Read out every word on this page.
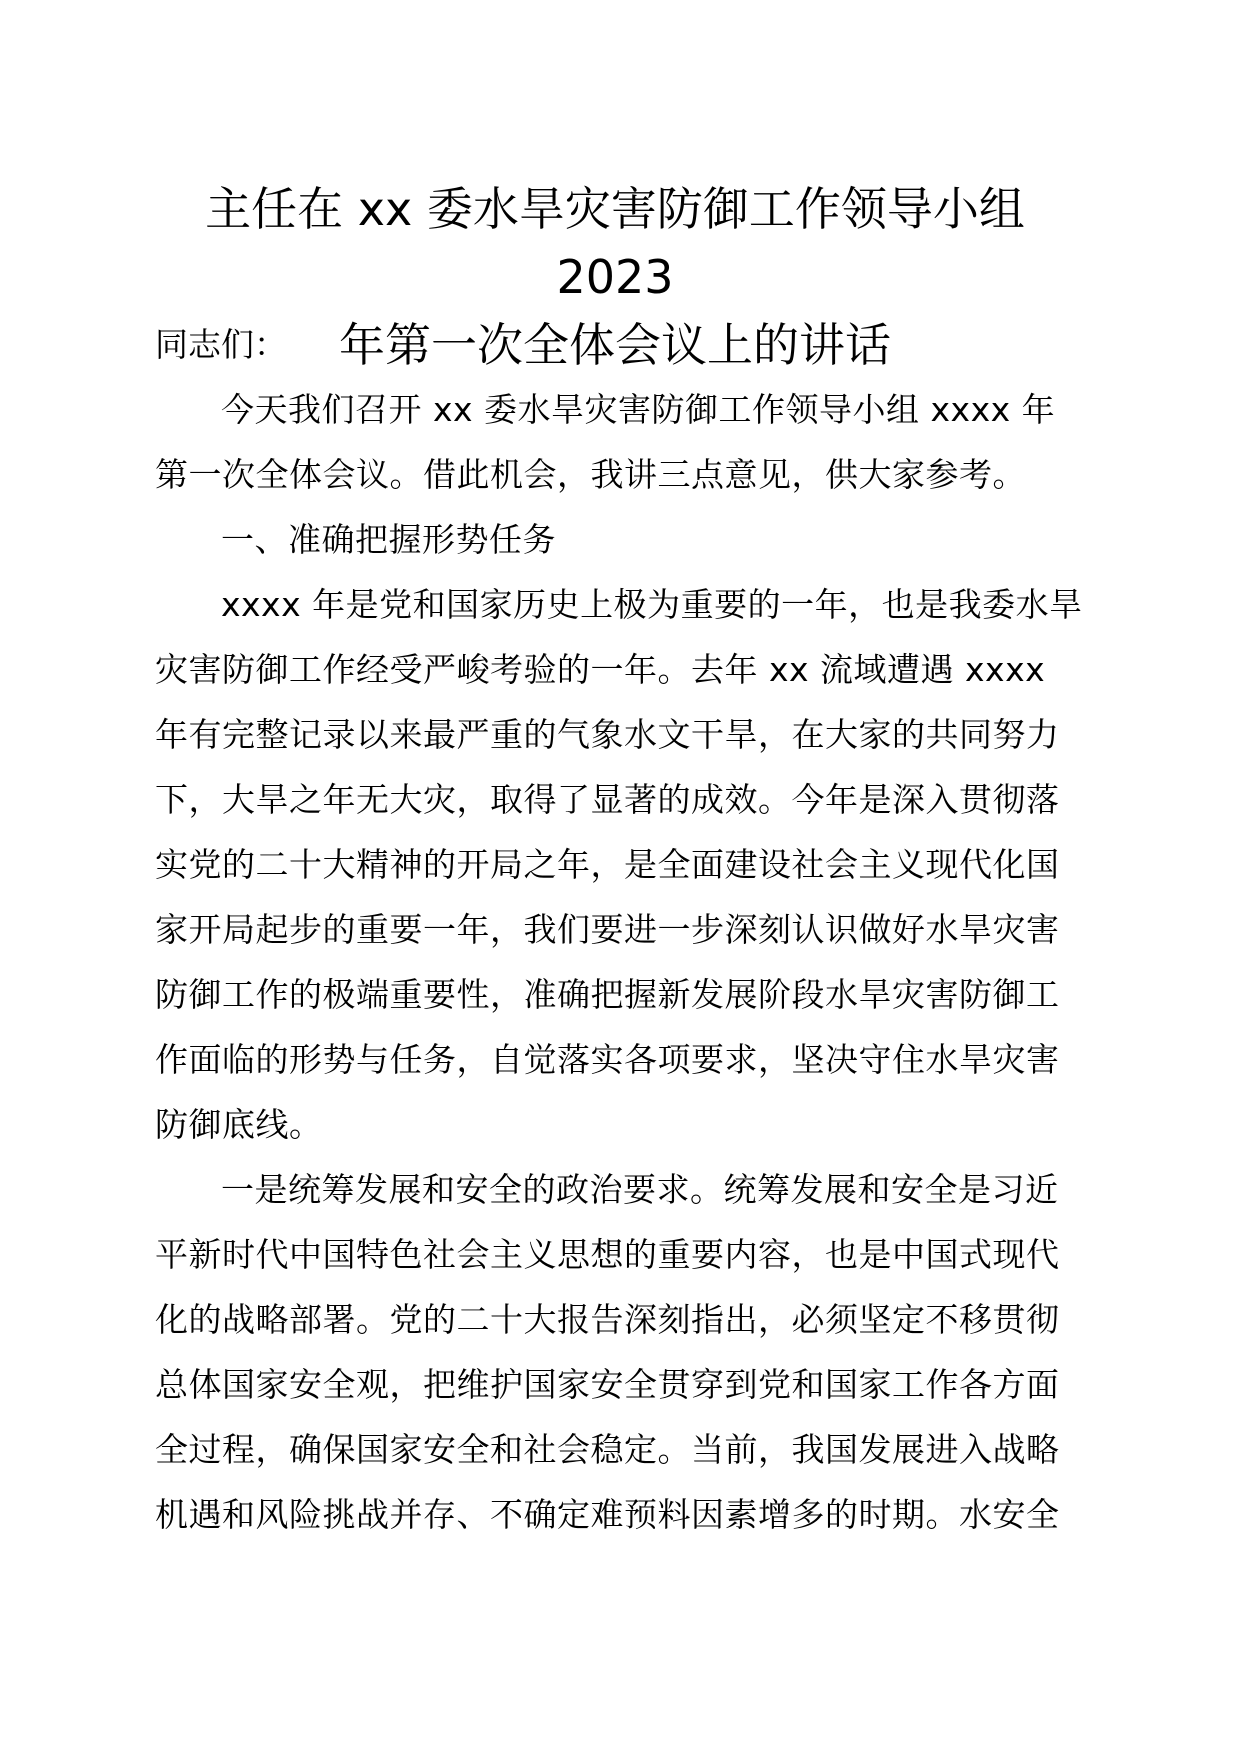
主任在 xx 委水旱灾害防御工作领导小组 2023
年第一次全体会议上的讲话
同志们：

今天我们召开 xx 委水旱灾害防御工作领导小组 xxxx 年第一次全体会议。借此机会，我讲三点意见，供大家参考。

一、准确把握形势任务

xxxx 年是党和国家历史上极为重要的一年，也是我委水旱灾害防御工作经受严峻考验的一年。去年 xx 流域遭遇 xxxx 年有完整记录以来最严重的气象水文干旱，在大家的共同努力下，大旱之年无大灾，取得了显著的成效。今年是深入贯彻落实党的二十大精神的开局之年，是全面建设社会主义现代化国家开局起步的重要一年，我们要进一步深刻认识做好水旱灾害防御工作的极端重要性，准确把握新发展阶段水旱灾害防御工作面临的形势与任务，自觉落实各项要求，坚决守住水旱灾害防御底线。

一是统筹发展和安全的政治要求。统筹发展和安全是习近平新时代中国特色社会主义思想的重要内容，也是中国式现代化的战略部署。党的二十大报告深刻指出，必须坚定不移贯彻总体国家安全观，把维护国家安全贯穿到党和国家工作各方面全过程，确保国家安全和社会稳定。当前，我国发展进入战略机遇和风险挑战并存、不确定难预料因素增多的时期。水安全
